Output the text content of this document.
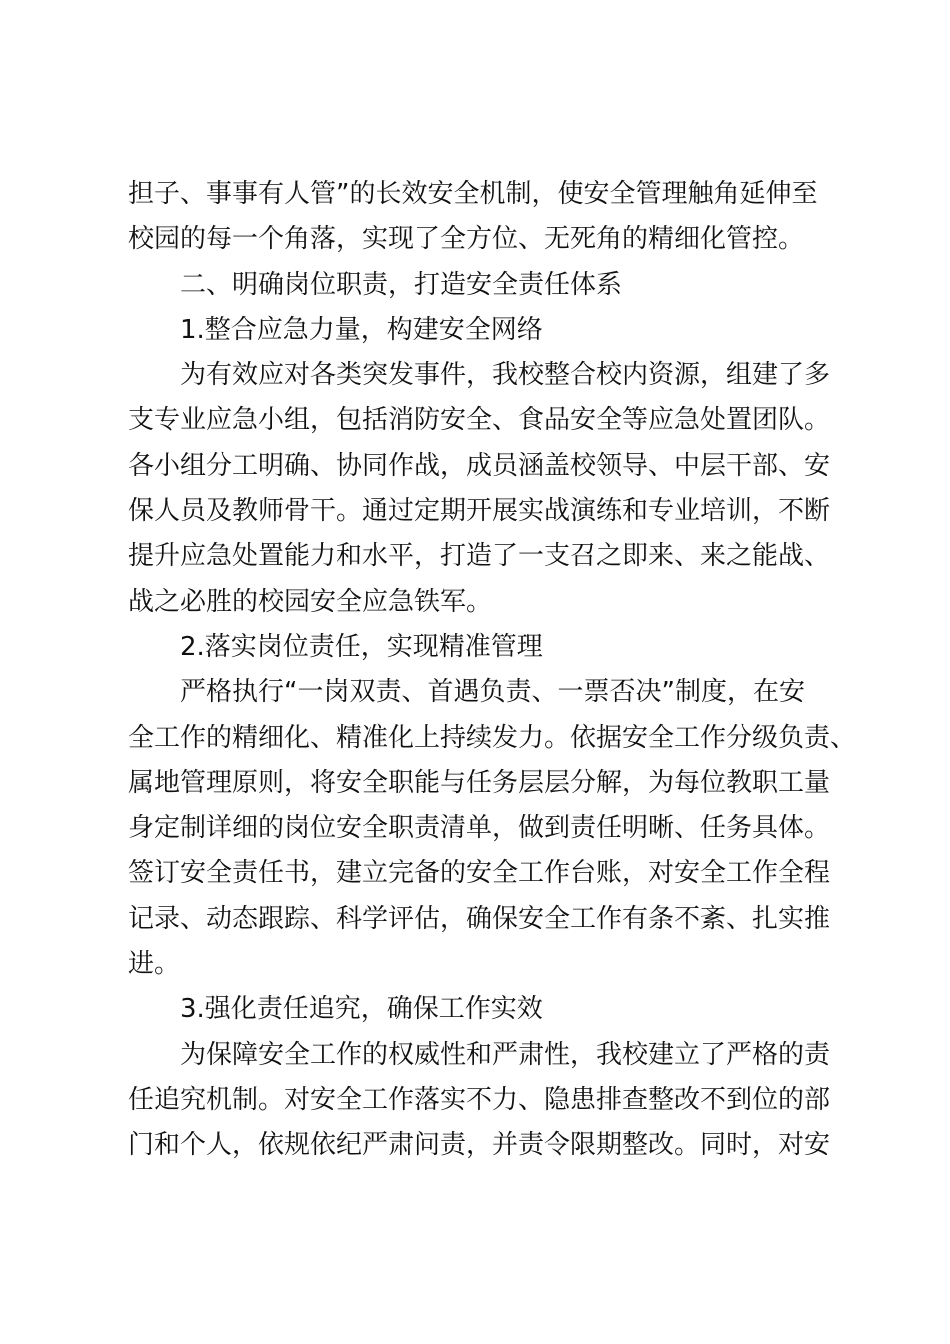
担子、事事有人管”的长效安全机制，使安全管理触角延伸至
校园的每一个角落，实现了全方位、无死角的精细化管控。
二、明确岗位职责，打造安全责任体系
1.整合应急力量，构建安全网络
为有效应对各类突发事件，我校整合校内资源，组建了多
支专业应急小组，包括消防安全、食品安全等应急处置团队。
各小组分工明确、协同作战，成员涵盖校领导、中层干部、安
保人员及教师骨干。通过定期开展实战演练和专业培训，不断
提升应急处置能力和水平，打造了一支召之即来、来之能战、
战之必胜的校园安全应急铁军。
2.落实岗位责任，实现精准管理
严格执行“一岗双责、首遇负责、一票否决”制度，在安
全工作的精细化、精准化上持续发力。依据安全工作分级负责、
属地管理原则，将安全职能与任务层层分解，为每位教职工量
身定制详细的岗位安全职责清单，做到责任明晰、任务具体。
签订安全责任书，建立完备的安全工作台账，对安全工作全程
记录、动态跟踪、科学评估，确保安全工作有条不紊、扎实推
进。
3.强化责任追究，确保工作实效
为保障安全工作的权威性和严肃性，我校建立了严格的责
任追究机制。对安全工作落实不力、隐患排查整改不到位的部
门和个人，依规依纪严肃问责，并责令限期整改。同时，对安
